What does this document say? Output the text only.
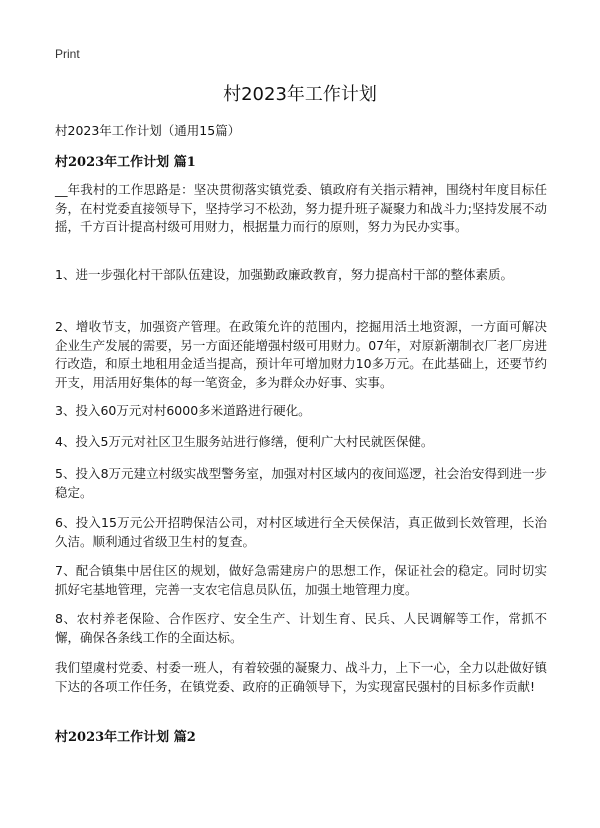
Print
村2023年工作计划

村2023年工作计划（通用15篇）

村2023年工作计划 篇1

__年我村的工作思路是：坚决贯彻落实镇党委、镇政府有关指示精神，围绕村年度目标任务，在村党委直接领导下，坚持学习不松劲，努力提升班子凝聚力和战斗力;坚持发展不动摇，千方百计提高村级可用财力，根据量力而行的原则，努力为民办实事。

1、进一步强化村干部队伍建设，加强勤政廉政教育，努力提高村干部的整体素质。

2、增收节支，加强资产管理。在政策允许的范围内，挖掘用活土地资源，一方面可解决企业生产发展的需要，另一方面还能增强村级可用财力。07年，对原新潮制衣厂老厂房进行改造，和原土地租用金适当提高，预计年可增加财力10多万元。在此基础上，还要节约开支，用活用好集体的每一笔资金，多为群众办好事、实事。

3、投入60万元对村6000多米道路进行硬化。

4、投入5万元对社区卫生服务站进行修缮，便利广大村民就医保健。

5、投入8万元建立村级实战型警务室，加强对村区域内的夜间巡逻，社会治安得到进一步稳定。

6、投入15万元公开招聘保洁公司，对村区域进行全天侯保洁，真正做到长效管理，长治久洁。顺利通过省级卫生村的复查。

7、配合镇集中居住区的规划，做好急需建房户的思想工作，保证社会的稳定。同时切实抓好宅基地管理，完善一支农宅信息员队伍，加强土地管理力度。

8、农村养老保险、合作医疗、安全生产、计划生育、民兵、人民调解等工作，常抓不懈，确保各条线工作的全面达标。

我们望虞村党委、村委一班人，有着较强的凝聚力、战斗力，上下一心，全力以赴做好镇下达的各项工作任务，在镇党委、政府的正确领导下，为实现富民强村的目标多作贡献!

村2023年工作计划 篇2
